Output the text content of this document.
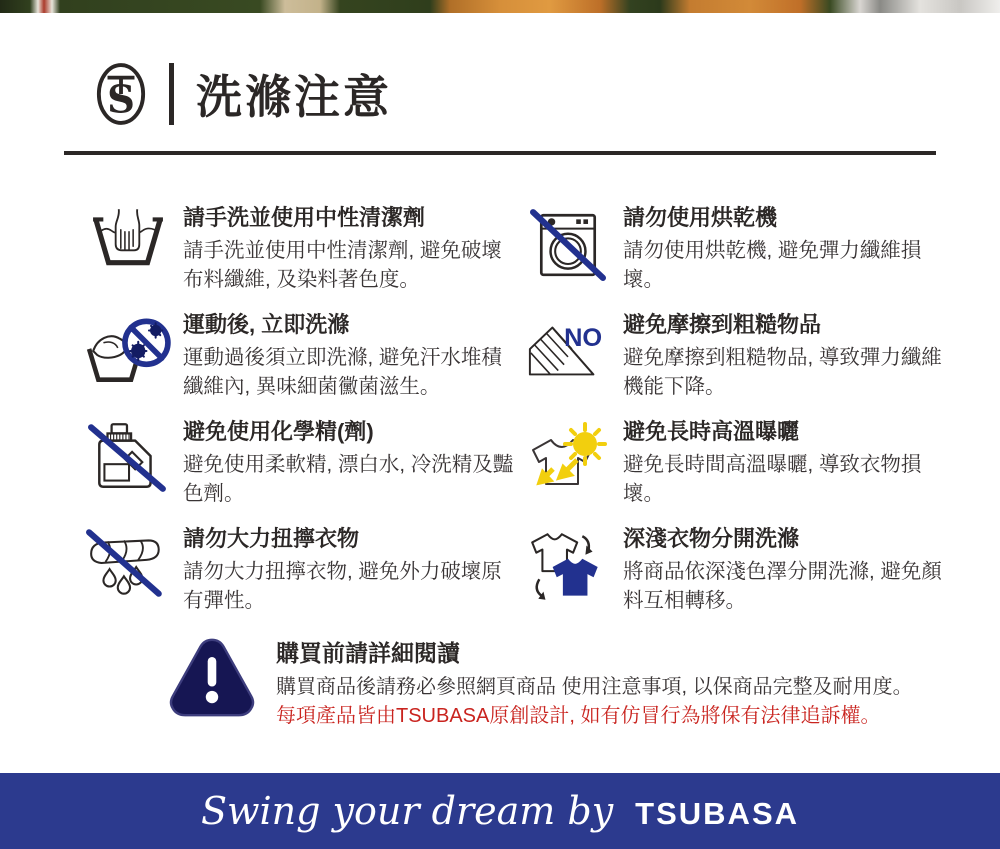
S 洗滌注意
請手洗並使用中性清潔劑
請手洗並使用中性清潔劑, 避免破壞布料纖維, 及染料著色度。
請勿使用烘乾機
請勿使用烘乾機, 避免彈力纖維損壞。
運動後, 立即洗滌
運動過後須立即洗滌, 避免汗水堆積纖維內, 異味細菌黴菌滋生。
NO 避免摩擦到粗糙物品
避免摩擦到粗糙物品, 導致彈力纖維機能下降。
避免使用化學精(劑)
避免使用柔軟精, 漂白水, 冷洗精及豔色劑。
避免長時高溫曝曬
避免長時間高溫曝曬, 導致衣物損壞。
請勿大力扭擰衣物
請勿大力扭擰衣物, 避免外力破壞原有彈性。
深淺衣物分開洗滌
將商品依深淺色澤分開洗滌, 避免顏料互相轉移。
購買前請詳細閱讀
購買商品後請務必參照網頁商品 使用注意事項, 以保商品完整及耐用度。
每項產品皆由TSUBASA原創設計, 如有仿冒行為將保有法律追訴權。
Swing your dream by TSUBASA
